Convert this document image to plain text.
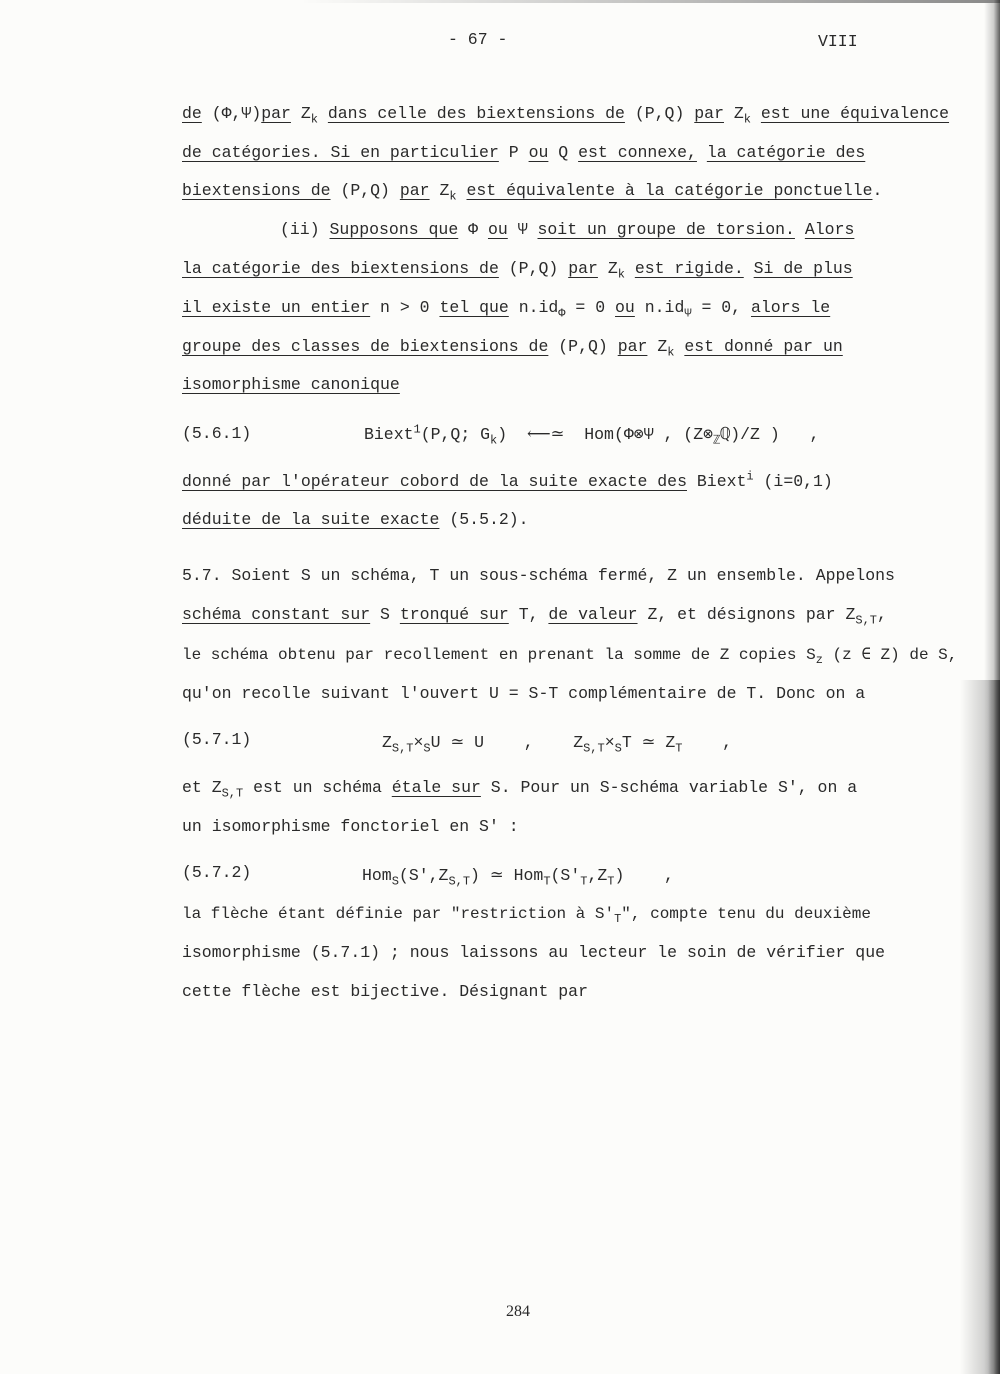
- 67 -	VIII
de (Φ,Ψ)par $Z_k$ dans celle des biextensions de (P,Q) par $Z_k$ est une équivalence
de catégories. Si en particulier P ou Q est connexe, la catégorie des
biextensions de (P,Q) par $Z_k$ est équivalente à la catégorie ponctuelle.
(ii) Supposons que Φ ou Ψ soit un groupe de torsion. Alors
la catégorie des biextensions de (P,Q) par $Z_k$ est rigide. Si de plus
il existe un entier n > 0 tel que $n.id_\Phi = 0$ ou $n.id_\Psi = 0$, alors le
groupe des classes de biextensions de (P,Q) par $Z_k$ est donné par un
isomorphisme canonique
(5.6.1)	Biext$^1$(P,Q; $G_k$) ⟵≃ Hom(Φ⊗Ψ , $(Z\otimes_ℤℚ)/Z$ ) ,
donné par l'opérateur cobord de la suite exacte des Biext$^i$ (i=0,1)
déduite de la suite exacte (5.5.2).
5.7. Soient S un schéma, T un sous-schéma fermé, Z un ensemble. Appelons
schéma constant sur S tronqué sur T, de valeur Z, et désignons par $Z_{S,T}$,
le schéma obtenu par recollement en prenant la somme de Z copies $S_z$ (z ∈ Z) de S,
qu'on recolle suivant l'ouvert U = S-T complémentaire de T. Donc on a
(5.7.1)	$Z_{S,T}\times_SU$ ≃ U , $Z_{S,T}\times_ST$ ≃ $Z_T$ ,
et $Z_{S,T}$ est un schéma étale sur S. Pour un S-schéma variable S', on a
un isomorphisme fonctoriel en S' :
(5.7.2)	$Hom_S(S',Z_{S,T})$ ≃ $Hom_T(S'_T,Z_T)$ ,
la flèche étant définie par "restriction à $S'_T$", compte tenu du deuxième
isomorphisme (5.7.1) ; nous laissons au lecteur le soin de vérifier que
cette flèche est bijective. Désignant par
284
